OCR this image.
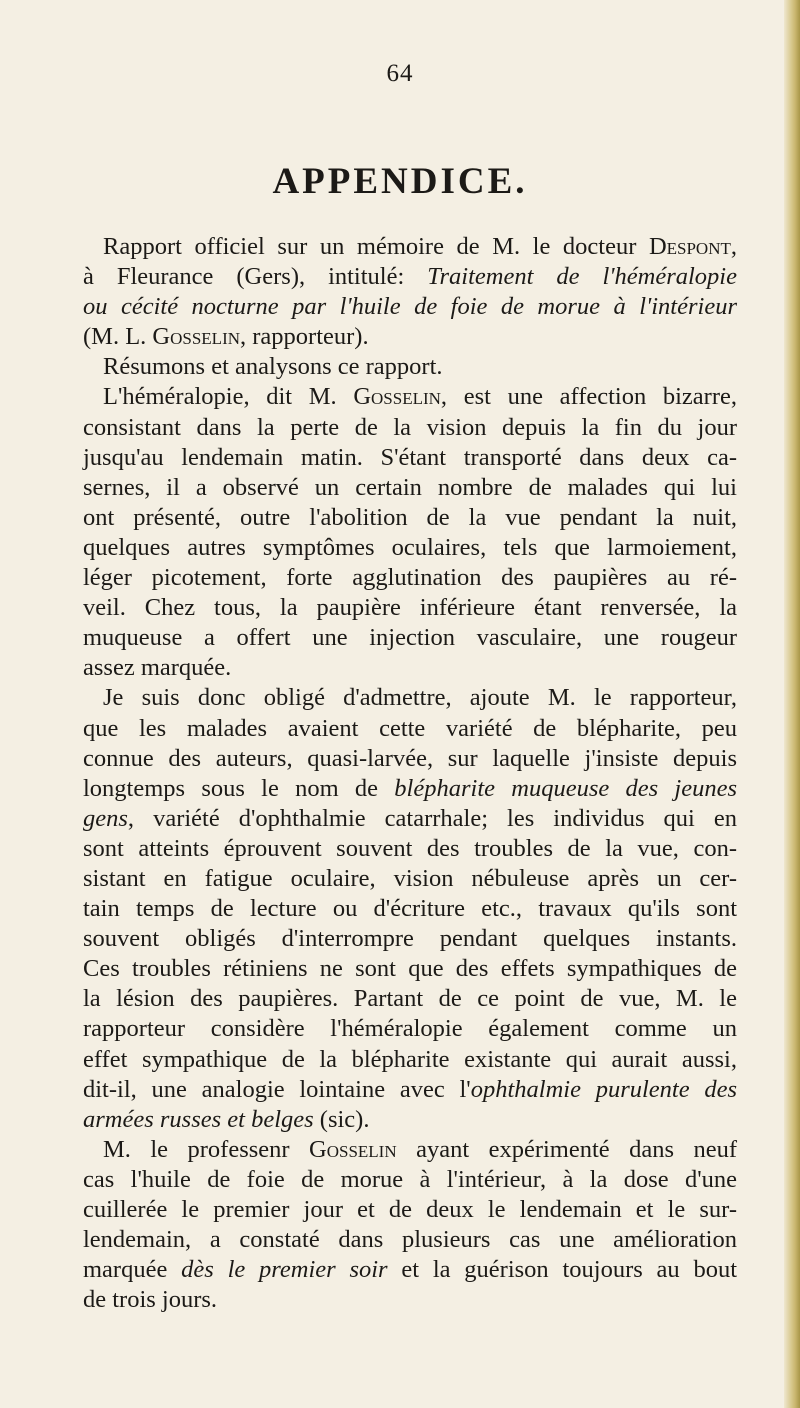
64
APPENDICE.
Rapport officiel sur un mémoire de M. le docteur Despont,
à Fleurance (Gers), intitulé: Traitement de l'héméralopie
ou cécité nocturne par l'huile de foie de morue à l'intérieur
(M. L. Gosselin, rapporteur).
Résumons et analysons ce rapport.
L'héméralopie, dit M. Gosselin, est une affection bizarre,
consistant dans la perte de la vision depuis la fin du jour
jusqu'au lendemain matin. S'étant transporté dans deux ca-
sernes, il a observé un certain nombre de malades qui lui
ont présenté, outre l'abolition de la vue pendant la nuit,
quelques autres symptômes oculaires, tels que larmoiement,
léger picotement, forte agglutination des paupières au ré-
veil. Chez tous, la paupière inférieure étant renversée, la
muqueuse a offert une injection vasculaire, une rougeur
assez marquée.
Je suis donc obligé d'admettre, ajoute M. le rapporteur,
que les malades avaient cette variété de blépharite, peu
connue des auteurs, quasi-larvée, sur laquelle j'insiste depuis
longtemps sous le nom de blépharite muqueuse des jeunes
gens, variété d'ophthalmie catarrhale; les individus qui en
sont atteints éprouvent souvent des troubles de la vue, con-
sistant en fatigue oculaire, vision nébuleuse après un cer-
tain temps de lecture ou d'écriture etc., travaux qu'ils sont
souvent obligés d'interrompre pendant quelques instants.
Ces troubles rétiniens ne sont que des effets sympathiques de
la lésion des paupières. Partant de ce point de vue, M. le
rapporteur considère l'héméralopie également comme un
effet sympathique de la blépharite existante qui aurait aussi,
dit-il, une analogie lointaine avec l'ophthalmie purulente des
armées russes et belges (sic).
M. le professenr Gosselin ayant expérimenté dans neuf
cas l'huile de foie de morue à l'intérieur, à la dose d'une
cuillerée le premier jour et de deux le lendemain et le sur-
lendemain, a constaté dans plusieurs cas une amélioration
marquée dès le premier soir et la guérison toujours au bout
de trois jours.
